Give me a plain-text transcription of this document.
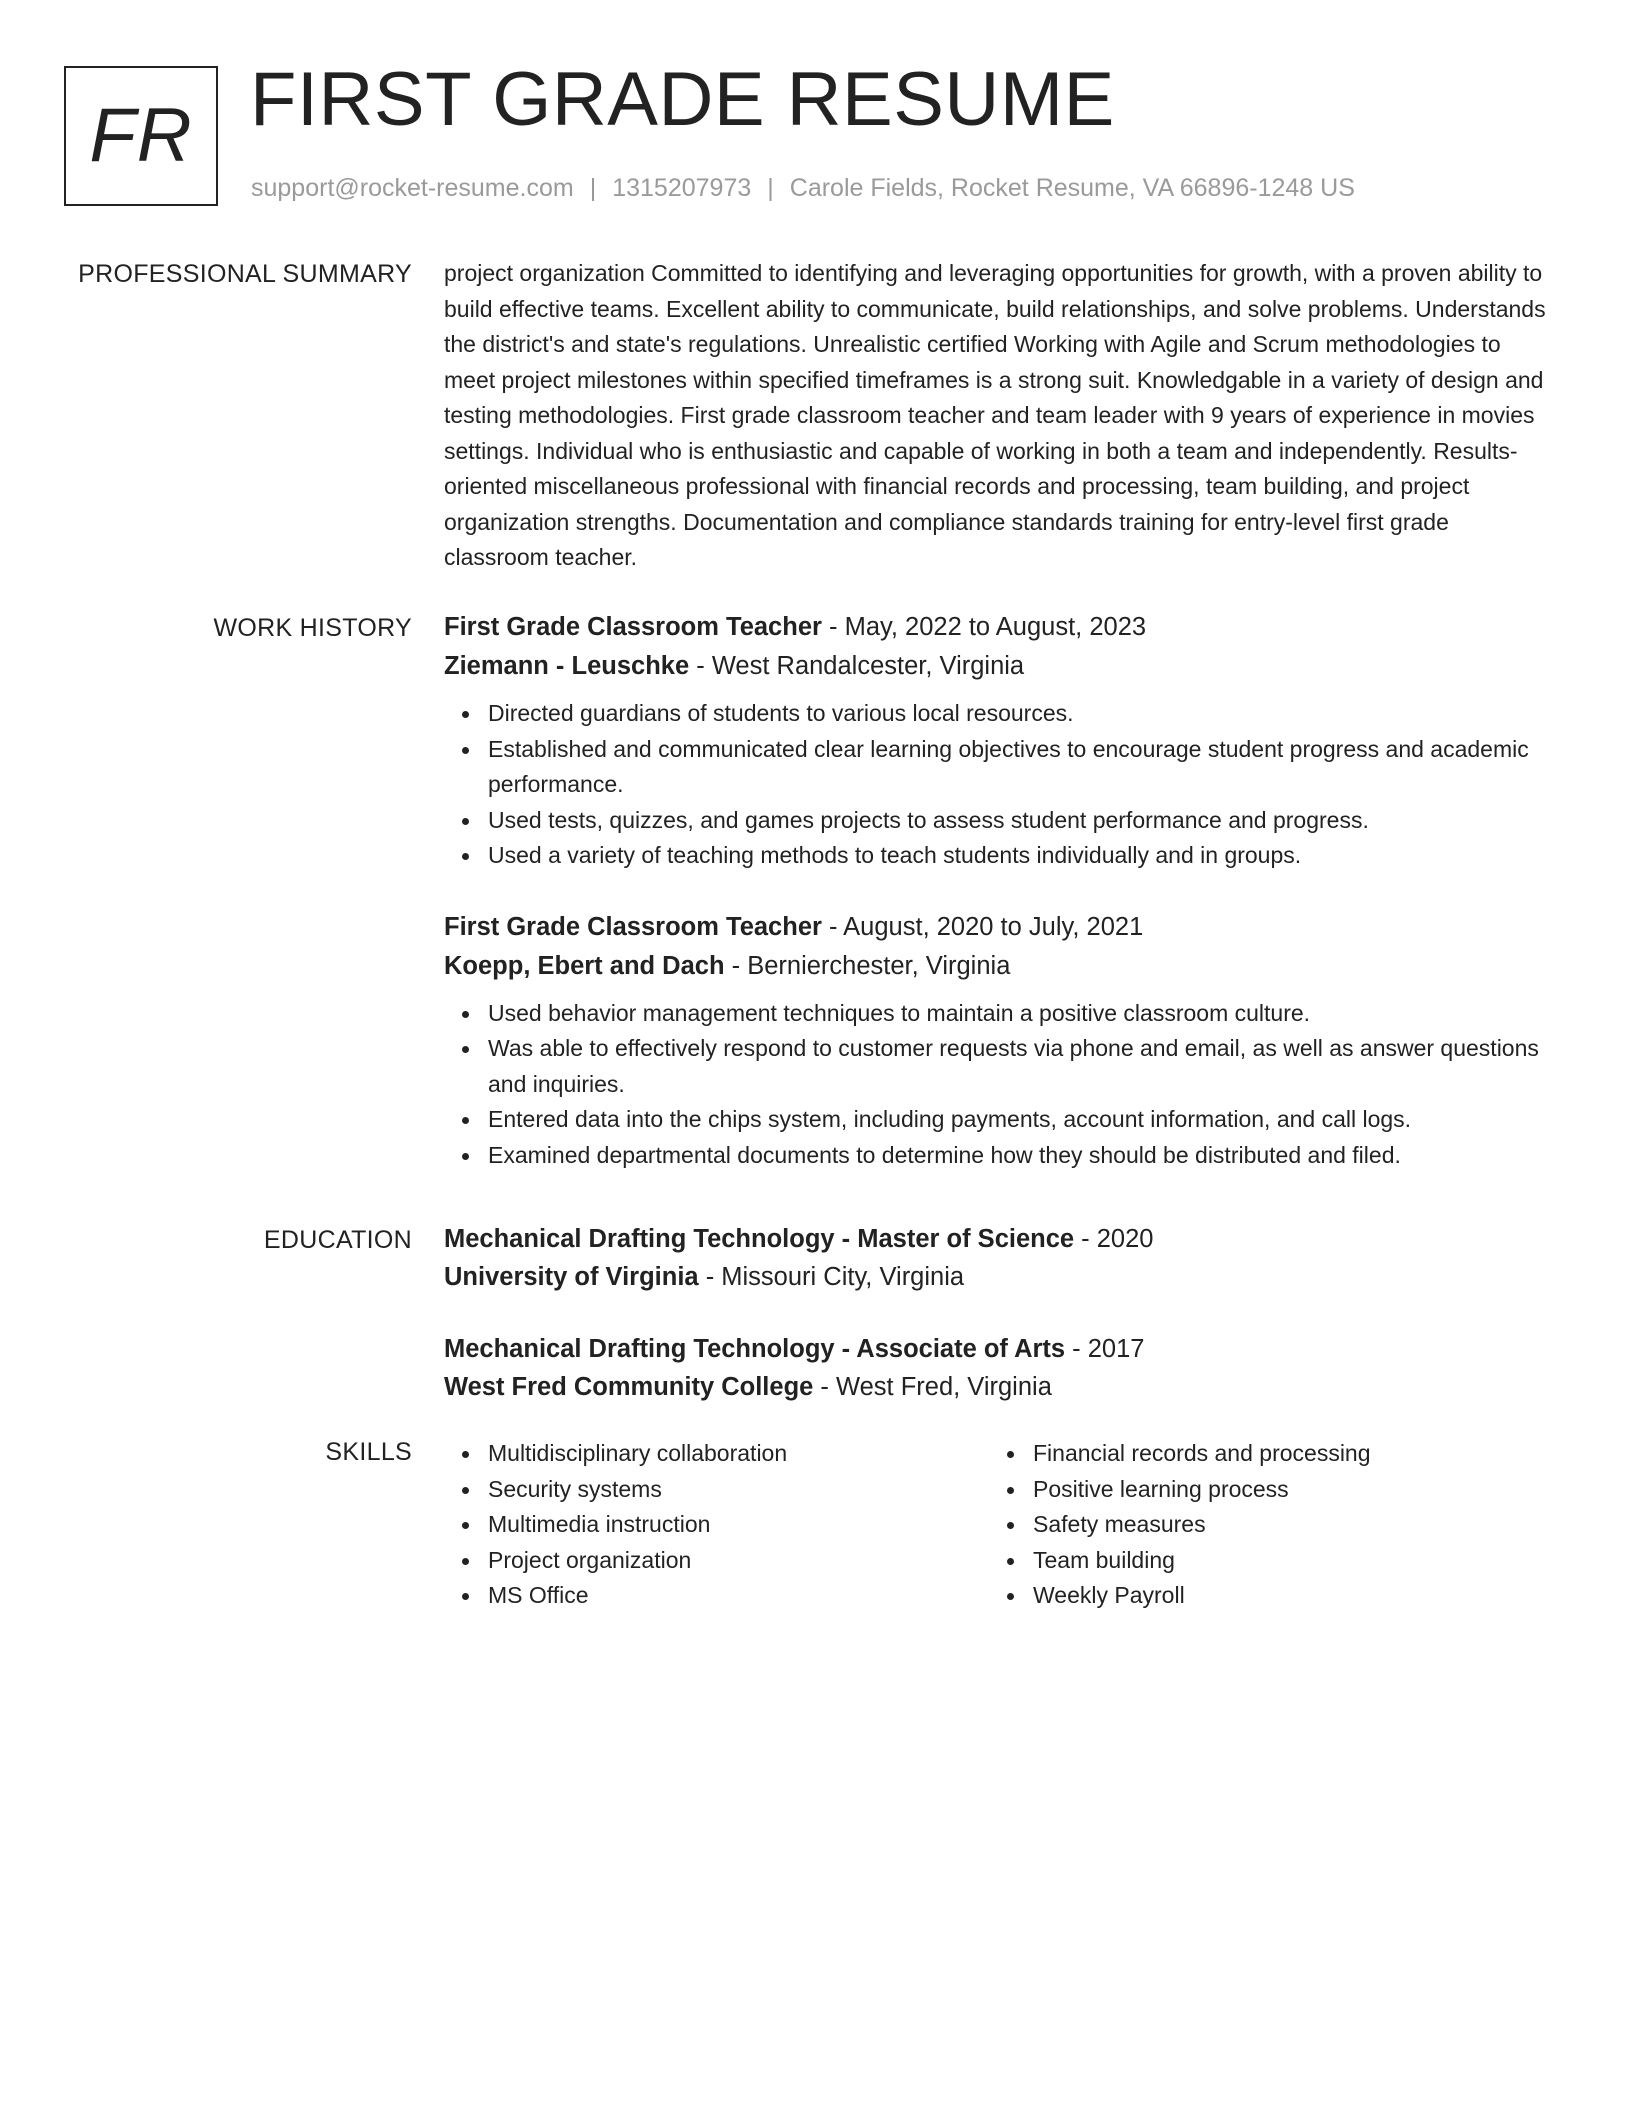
FR FIRST GRADE RESUME
support@rocket-resume.com | 1315207973 | Carole Fields, Rocket Resume, VA 66896-1248 US
PROFESSIONAL SUMMARY project organization Committed to identifying and leveraging opportunities for growth, with a proven ability to build effective teams. Excellent ability to communicate, build relationships, and solve problems. Understands the district's and state's regulations. Unrealistic certified Working with Agile and Scrum methodologies to meet project milestones within specified timeframes is a strong suit. Knowledgable in a variety of design and testing methodologies. First grade classroom teacher and team leader with 9 years of experience in movies settings. Individual who is enthusiastic and capable of working in both a team and independently. Results-oriented miscellaneous professional with financial records and processing, team building, and project organization strengths. Documentation and compliance standards training for entry-level first grade classroom teacher.

WORK HISTORY First Grade Classroom Teacher - May, 2022 to August, 2023
Ziemann - Leuschke - West Randalcester, Virginia
Directed guardians of students to various local resources.
Established and communicated clear learning objectives to encourage student progress and academic performance.
Used tests, quizzes, and games projects to assess student performance and progress.
Used a variety of teaching methods to teach students individually and in groups.
First Grade Classroom Teacher - August, 2020 to July, 2021
Koepp, Ebert and Dach - Bernierchester, Virginia
Used behavior management techniques to maintain a positive classroom culture.
Was able to effectively respond to customer requests via phone and email, as well as answer questions and inquiries.
Entered data into the chips system, including payments, account information, and call logs.
Examined departmental documents to determine how they should be distributed and filed.
EDUCATION Mechanical Drafting Technology - Master of Science - 2020
University of Virginia - Missouri City, Virginia
Mechanical Drafting Technology - Associate of Arts - 2017
West Fred Community College - West Fred, Virginia
SKILLS	Multidisciplinary collaboration
Security systems
Multimedia instruction
Project organization
MS Office
Financial records and processing
Positive learning process
Safety measures
Team building
Weekly Payroll
